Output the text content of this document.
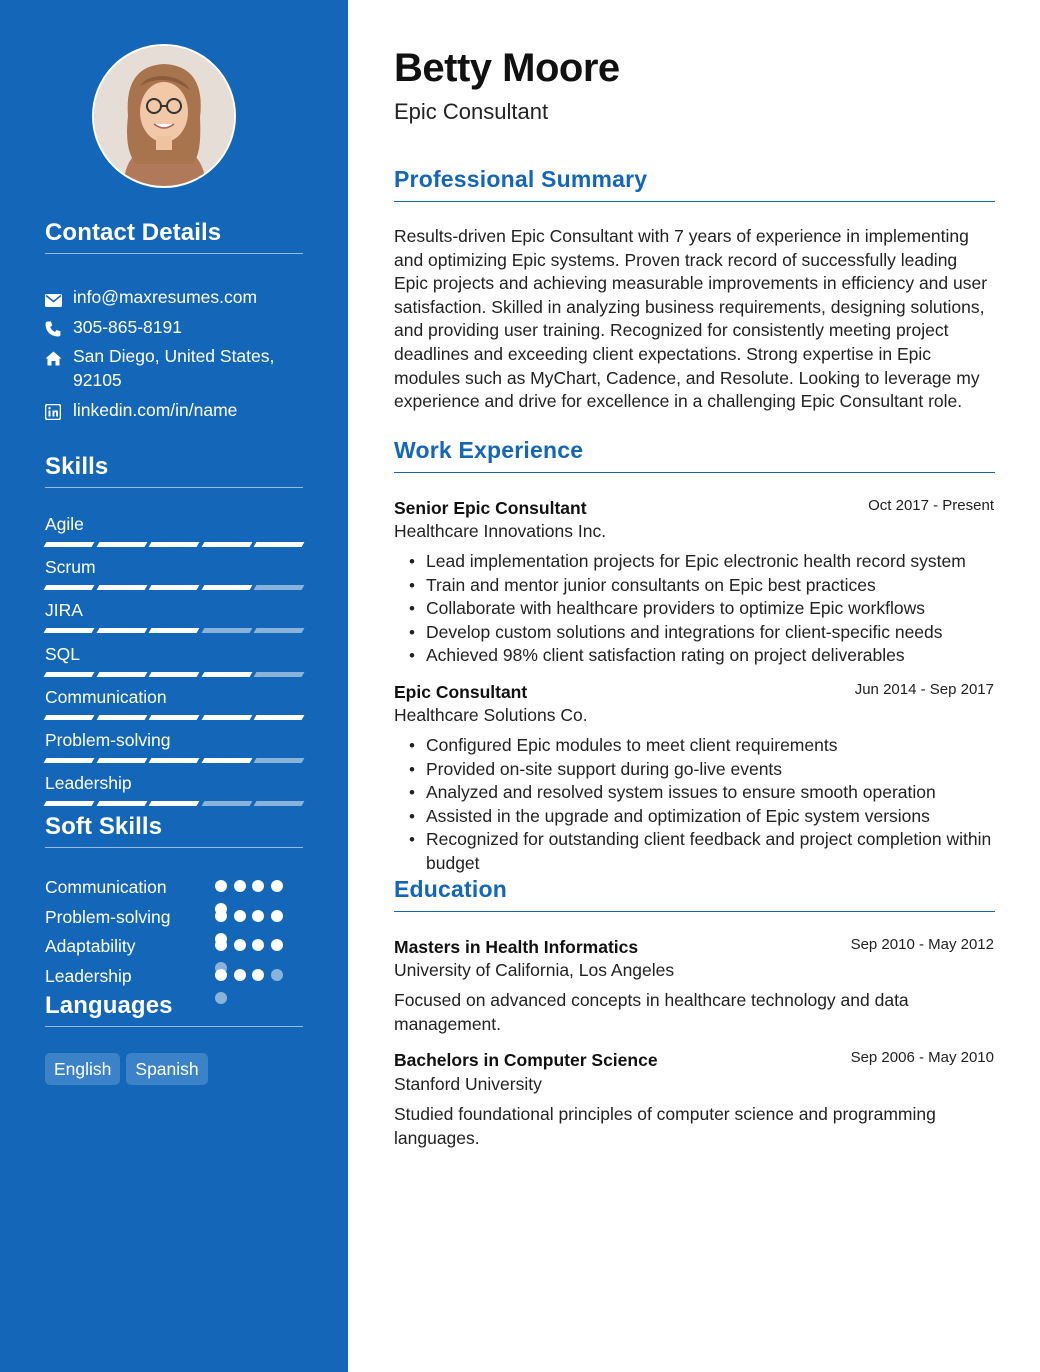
Contact Details
info@maxresumes.com
305-865-8191
San Diego, United States,
92105
linkedin.com/in/name
Skills
Agile
Scrum
JIRA
SQL
Communication
Problem-solving
Leadership
Soft Skills
Communication
Problem-solving
Adaptability
Leadership
Languages
English	Spanish
Betty Moore
Epic Consultant
Professional Summary
Results-driven Epic Consultant with 7 years of experience in implementing and optimizing Epic systems. Proven track record of successfully leading Epic projects and achieving measurable improvements in efficiency and user satisfaction. Skilled in analyzing business requirements, designing solutions, and providing user training. Recognized for consistently meeting project deadlines and exceeding client expectations. Strong expertise in Epic modules such as MyChart, Cadence, and Resolute. Looking to leverage my experience and drive for excellence in a challenging Epic Consultant role.
Work Experience
Senior Epic Consultant	Oct 2017 - Present
Healthcare Innovations Inc.
• Lead implementation projects for Epic electronic health record system
• Train and mentor junior consultants on Epic best practices
• Collaborate with healthcare providers to optimize Epic workflows
• Develop custom solutions and integrations for client-specific needs
• Achieved 98% client satisfaction rating on project deliverables
Epic Consultant	Jun 2014 - Sep 2017
Healthcare Solutions Co.
• Configured Epic modules to meet client requirements
• Provided on-site support during go-live events
• Analyzed and resolved system issues to ensure smooth operation
• Assisted in the upgrade and optimization of Epic system versions
• Recognized for outstanding client feedback and project completion within budget
Education
Masters in Health Informatics	Sep 2010 - May 2012
University of California, Los Angeles
Focused on advanced concepts in healthcare technology and data management.
Bachelors in Computer Science	Sep 2006 - May 2010
Stanford University
Studied foundational principles of computer science and programming languages.
